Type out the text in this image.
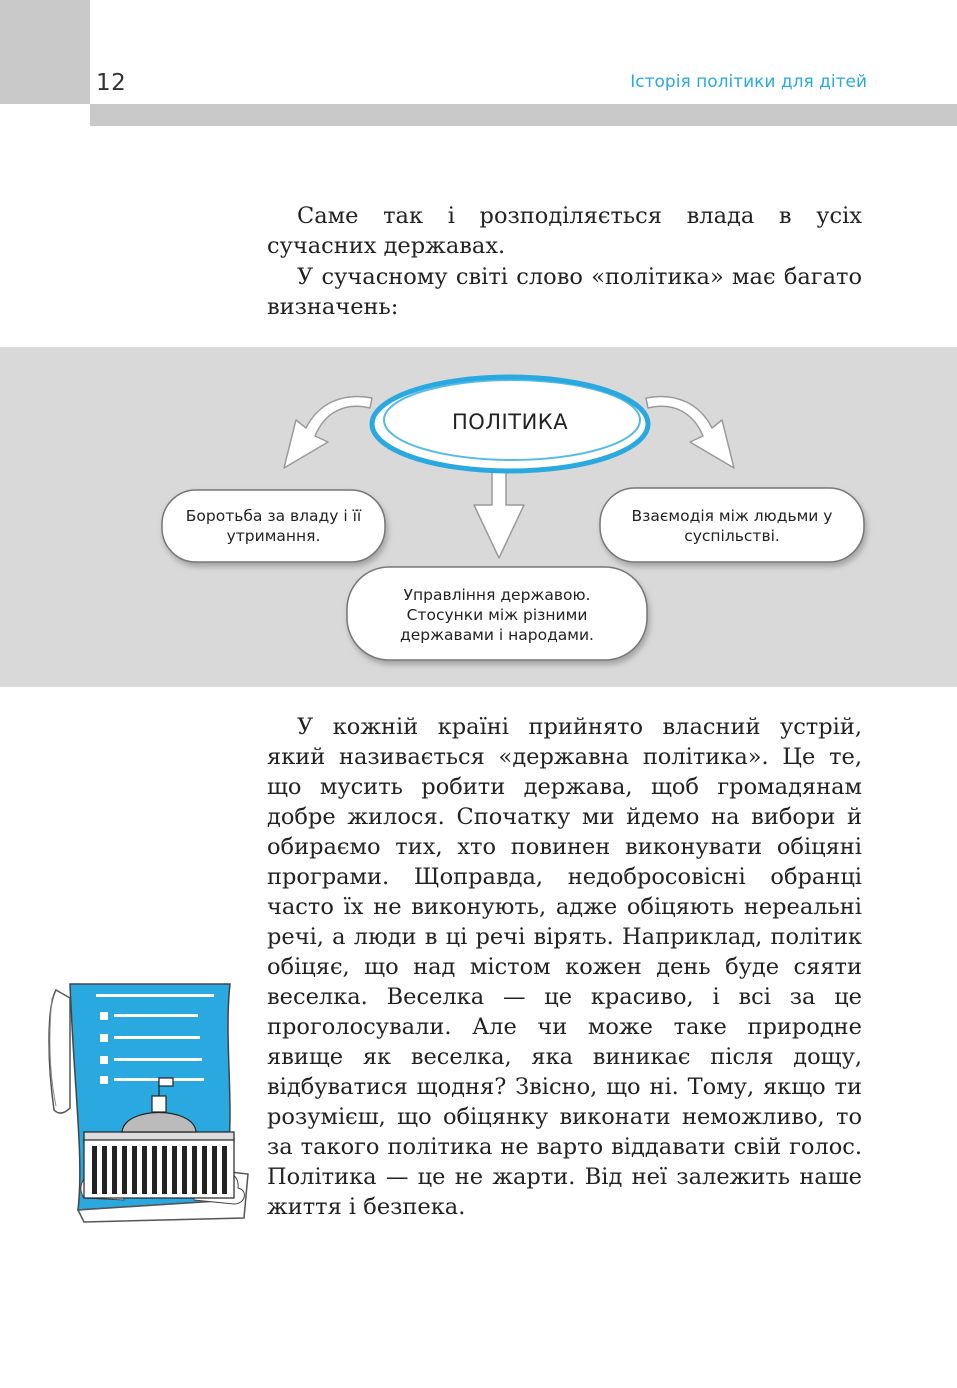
12	Історія політики для дітей

Саме так і розподіляється влада в усіх сучасних державах.

У сучасному світі слово «політика» має багато визначень:

ПОЛІТИКА
Боротьба за владу і її утримання.
Взаємодія між людьми у суспільстві.
Управління державою. Стосунки між різними державами і народами.

У кожній країні прийнято власний устрій, який називається «державна політика». Це те, що мусить робити держава, щоб громадянам добре жилося. Спочатку ми йдемо на вибори й обираємо тих, хто повинен виконувати обіцяні програми. Щоправда, недобросовісні обранці часто їх не виконують, адже обіцяють нереальні речі, а люди в ці речі вірять. Наприклад, політик обіцяє, що над містом кожен день буде сяяти веселка. Веселка — це красиво, і всі за це проголосували. Але чи може таке природне явище як веселка, яка виникає після дощу, відбуватися щодня? Звісно, що ні. Тому, якщо ти розумієш, що обіцянку виконати неможливо, то за такого політика не варто віддавати свій голос. Політика — це не жарти. Від неї залежить наше життя і безпека.
